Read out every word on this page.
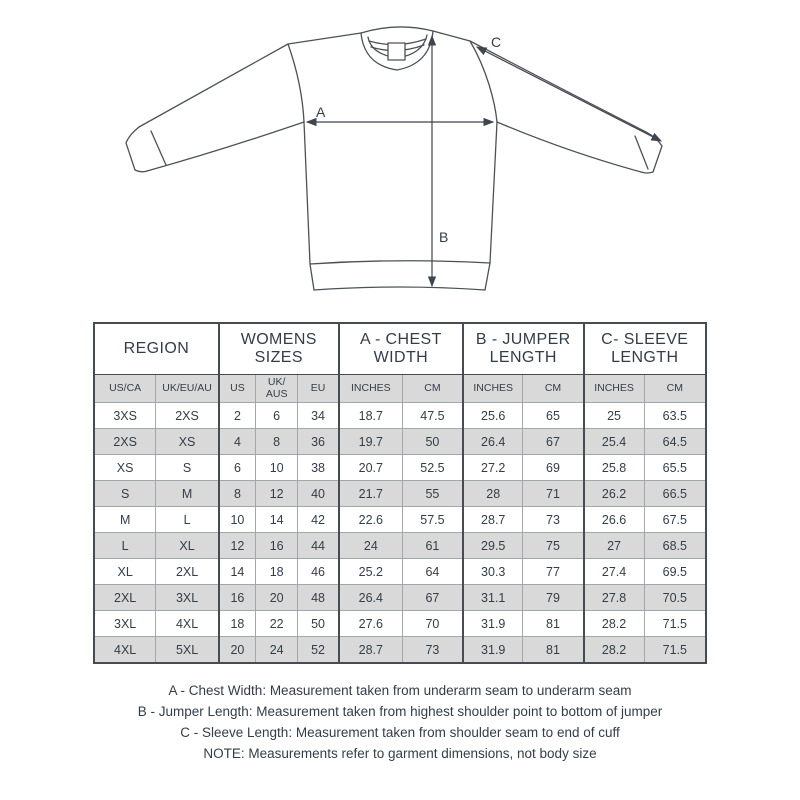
A
B
C
REGION		WOMENS SIZES			A - CHEST WIDTH		B - JUMPER LENGTH		C- SLEEVE LENGTH	
US/CA	UK/EU/AU	US	UK/ AUS	EU	INCHES	CM	INCHES	CM	INCHES	CM
3XS	2XS	2	6	34	18.7	47.5	25.6	65	25	63.5
2XS	XS	4	8	36	19.7	50	26.4	67	25.4	64.5
XS	S	6	10	38	20.7	52.5	27.2	69	25.8	65.5
S	M	8	12	40	21.7	55	28	71	26.2	66.5
M	L	10	14	42	22.6	57.5	28.7	73	26.6	67.5
L	XL	12	16	44	24	61	29.5	75	27	68.5
XL	2XL	14	18	46	25.2	64	30.3	77	27.4	69.5
2XL	3XL	16	20	48	26.4	67	31.1	79	27.8	70.5
3XL	4XL	18	22	50	27.6	70	31.9	81	28.2	71.5
4XL	5XL	20	24	52	28.7	73	31.9	81	28.2	71.5

A - Chest Width: Measurement taken from underarm seam to underarm seam

B - Jumper Length: Measurement taken from highest shoulder point to bottom of jumper

C - Sleeve Length: Measurement taken from shoulder seam to end of cuff

NOTE: Measurements refer to garment dimensions, not body size
